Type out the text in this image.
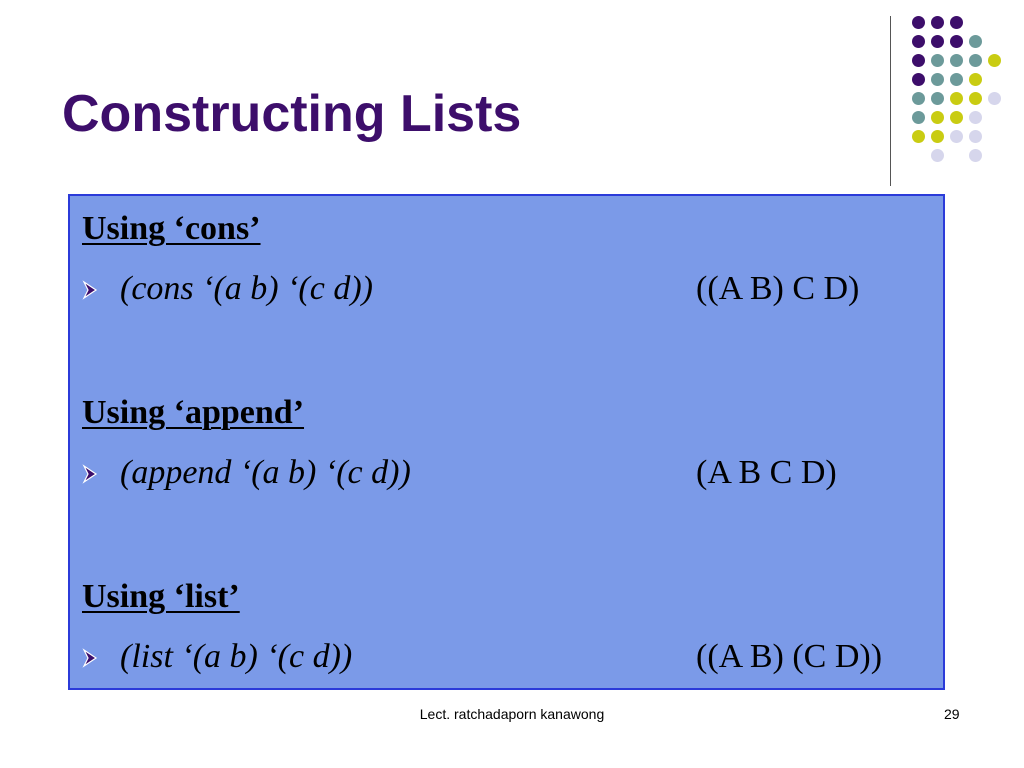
Constructing Lists
Using ‘cons’
(cons ‘(a b) ‘(c d))	((A B) C D)
Using ‘append’
(append ‘(a b) ‘(c d))	(A B C D)
Using ‘list’
(list ‘(a b) ‘(c d))	((A B) (C D))
Lect. ratchadaporn kanawong	29
